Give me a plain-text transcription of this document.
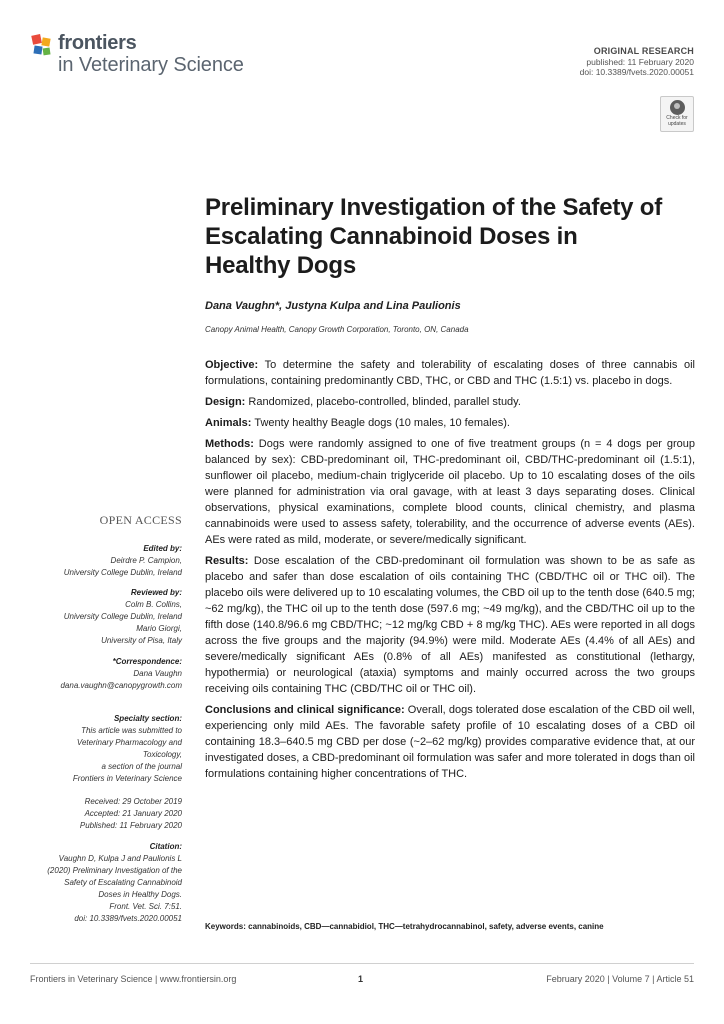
frontiers
in Veterinary Science
ORIGINAL RESEARCH
published: 11 February 2020
doi: 10.3389/fvets.2020.00051
Check for updates
Preliminary Investigation of the Safety of Escalating Cannabinoid Doses in Healthy Dogs
Dana Vaughn*, Justyna Kulpa and Lina Paulionis
Canopy Animal Health, Canopy Growth Corporation, Toronto, ON, Canada
OPEN ACCESS
Edited by:
Deirdre P. Campion,
University College Dublin, Ireland
Reviewed by:
Colm B. Collins,
University College Dublin, Ireland
Mario Giorgi,
University of Pisa, Italy
*Correspondence:
Dana Vaughn
dana.vaughn@canopygrowth.com
Specialty section:
This article was submitted to
Veterinary Pharmacology and
Toxicology,
a section of the journal
Frontiers in Veterinary Science
Received: 29 October 2019
Accepted: 21 January 2020
Published: 11 February 2020
Citation:
Vaughn D, Kulpa J and Paulionis L
(2020) Preliminary Investigation of the
Safety of Escalating Cannabinoid
Doses in Healthy Dogs.
Front. Vet. Sci. 7:51.
doi: 10.3389/fvets.2020.00051

Objective: To determine the safety and tolerability of escalating doses of three cannabis oil formulations, containing predominantly CBD, THC, or CBD and THC (1.5:1) vs. placebo in dogs.

Design: Randomized, placebo-controlled, blinded, parallel study.

Animals: Twenty healthy Beagle dogs (10 males, 10 females).

Methods: Dogs were randomly assigned to one of five treatment groups (n = 4 dogs per group balanced by sex): CBD-predominant oil, THC-predominant oil, CBD/THC-predominant oil (1.5:1), sunflower oil placebo, medium-chain triglyceride oil placebo. Up to 10 escalating doses of the oils were planned for administration via oral gavage, with at least 3 days separating doses. Clinical observations, physical examinations, complete blood counts, clinical chemistry, and plasma cannabinoids were used to assess safety, tolerability, and the occurrence of adverse events (AEs). AEs were rated as mild, moderate, or severe/medically significant.

Results: Dose escalation of the CBD-predominant oil formulation was shown to be as safe as placebo and safer than dose escalation of oils containing THC (CBD/THC oil or THC oil). The placebo oils were delivered up to 10 escalating volumes, the CBD oil up to the tenth dose (640.5 mg; ~62 mg/kg), the THC oil up to the tenth dose (597.6 mg; ~49 mg/kg), and the CBD/THC oil up to the fifth dose (140.8/96.6 mg CBD/THC; ~12 mg/kg CBD + 8 mg/kg THC). AEs were reported in all dogs across the five groups and the majority (94.9%) were mild. Moderate AEs (4.4% of all AEs) and severe/medically significant AEs (0.8% of all AEs) manifested as constitutional (lethargy, hypothermia) or neurological (ataxia) symptoms and mainly occurred across the two groups receiving oils containing THC (CBD/THC oil or THC oil).

Conclusions and clinical significance: Overall, dogs tolerated dose escalation of the CBD oil well, experiencing only mild AEs. The favorable safety profile of 10 escalating doses of a CBD oil containing 18.3–640.5 mg CBD per dose (~2–62 mg/kg) provides comparative evidence that, at our investigated doses, a CBD-predominant oil formulation was safer and more tolerated in dogs than oil formulations containing higher concentrations of THC.

Keywords: cannabinoids, CBD—cannabidiol, THC—tetrahydrocannabinol, safety, adverse events, canine
Frontiers in Veterinary Science | www.frontiersin.org	1	February 2020 | Volume 7 | Article 51
